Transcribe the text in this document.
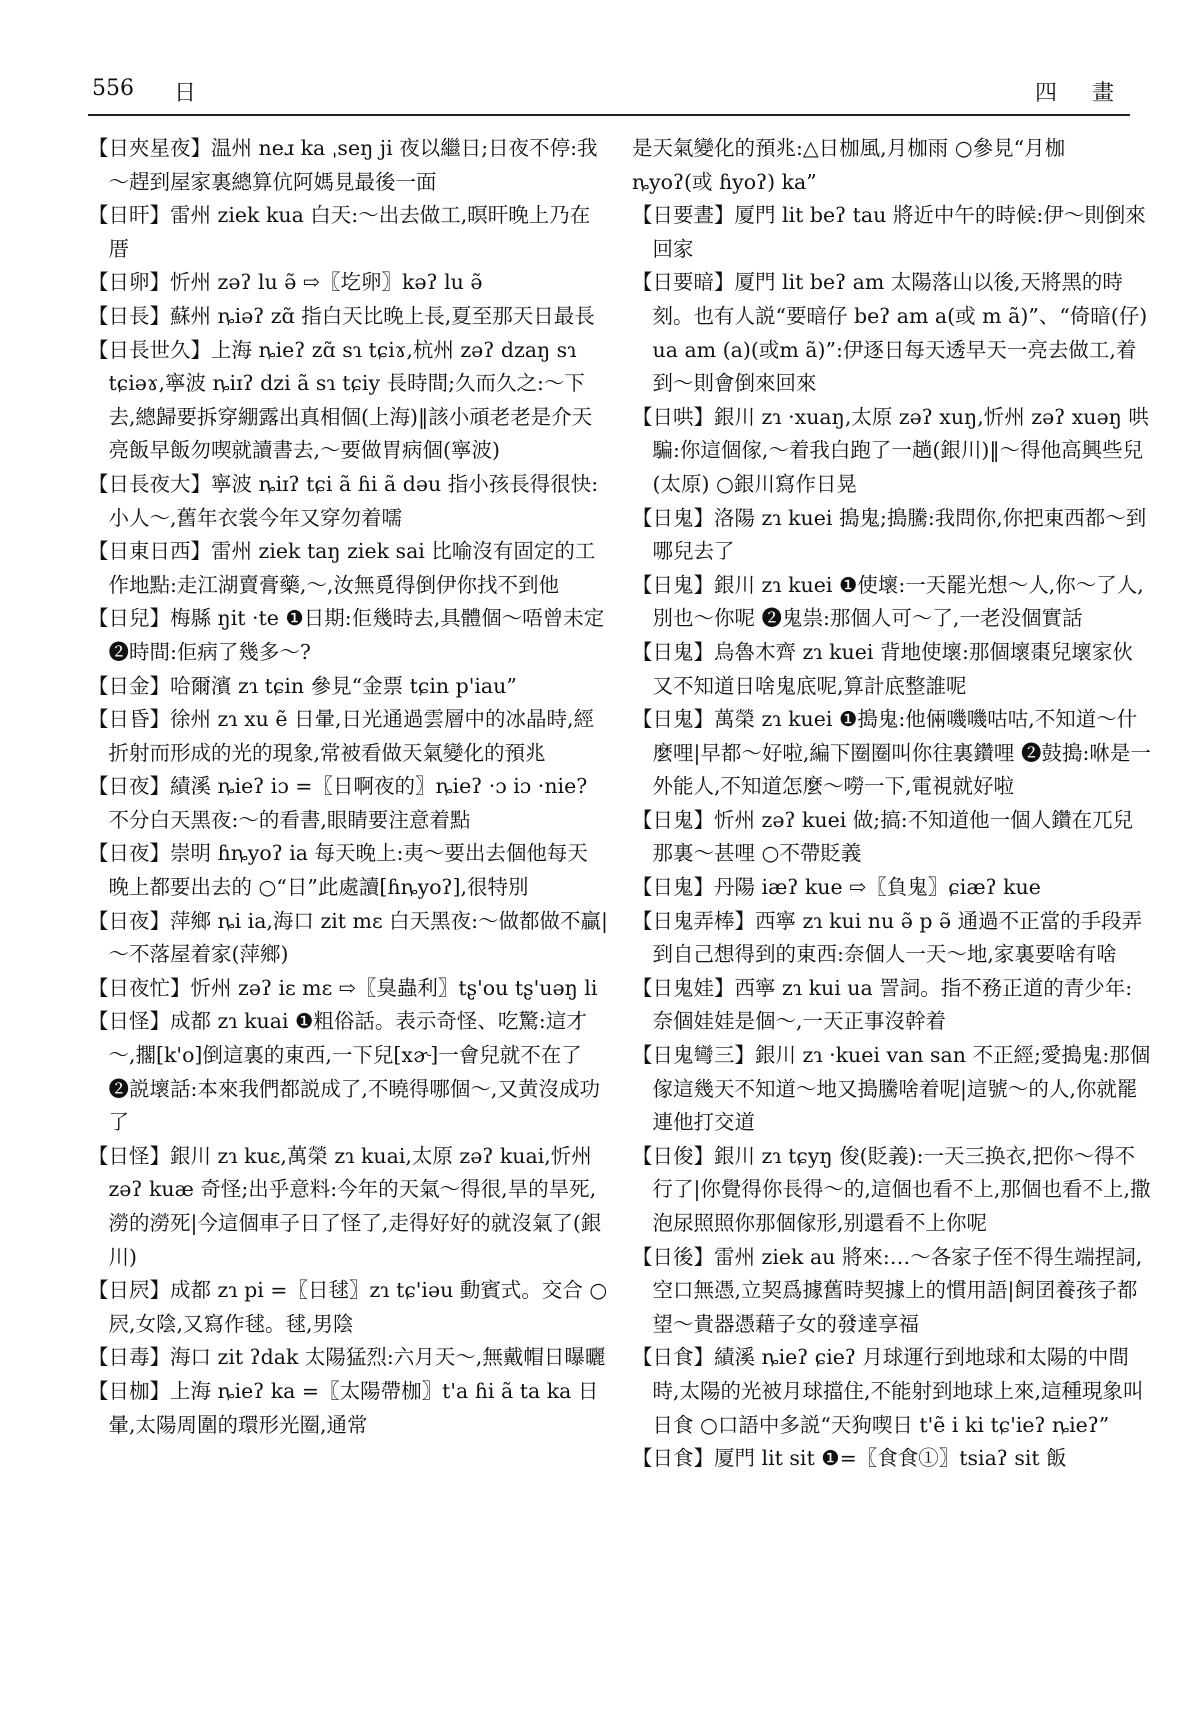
556 日	四 畫

【 日夾星夜 】 温州 neɹ ka ˌseŋ ji 夜以繼日;日夜不停:我～趕到屋家裏總算伉阿媽見最後一面

【 日旰 】 雷州 ziek kua 白天:～出去做工,暝旰晚上乃在厝

【 日卵 】 忻州 zəʔ lu ə̃ ⇨〖圪卵〗kəʔ lu ə̃

【 日長 】 蘇州 ȵiəʔ zɑ̃ 指白天比晚上長,夏至那天日最長

【 日長世久 】 上海 ȵieʔ zɑ̃ sɿ tɕiɤ,杭州 zəʔ dzaŋ sɿ tɕiəɤ,寧波 ȵiɪʔ dzi ã sɿ tɕiy 長時間;久而久之:～下去,總歸要拆穿綳露出真相個(上海)‖該小頑老老是介天亮飯早飯勿喫就讀書去,～要做胃病個(寧波)

【 日長夜大 】 寧波 ȵiɪʔ tɕi ã ɦi ã dəu 指小孩長得很快:小人～,舊年衣裳今年又穿勿着嚅

【 日東日西 】 雷州 ziek taŋ ziek sai 比喻沒有固定的工作地點:走江湖賣膏藥,～,汝無覓得倒伊你找不到他

【 日兒 】 梅縣 ŋit ·te ❶日期:佢幾時去,具體個～唔曾未定 ❷時間:佢病了幾多～?

【 日金 】 哈爾濱 zɿ tɕin 參見“金票 tɕin p'iau”

【 日昏 】 徐州 zɿ xu ẽ 日暈,日光通過雲層中的冰晶時,經折射而形成的光的現象,常被看做天氣變化的預兆

【 日夜 】 績溪 ȵieʔ iɔ =〖日啊夜的〗ȵieʔ ·ɔ iɔ ·nie? 不分白天黑夜:～的看書,眼睛要注意着點

【 日夜 】 崇明 ɦȵyoʔ ia 每天晚上:夷～要出去個他每天晚上都要出去的 ○“日”此處讀[ɦȵyoʔ],很特別

【 日夜 】 萍鄉 ȵi ia,海口 zit mɛ 白天黑夜:～做都做不贏|～不落屋着家(萍鄉)

【 日夜忙 】 忻州 zəʔ iɛ mɛ ⇨〖臭蟲利〗tʂ'ou tʂ'uəŋ li

【 日怪 】 成都 zɿ kuai ❶粗俗話。表示奇怪、吃驚:這才～,擱[k'o]倒這裏的東西,一下兒[xɚ]一會兒就不在了 ❷説壞話:本來我們都説成了,不曉得哪個～,又黄沒成功了

【 日怪 】 銀川 zɿ kuɛ,萬榮 zɿ kuai,太原 zəʔ kuai,忻州 zəʔ kuæ 奇怪;出乎意料:今年的天氣～得很,旱的旱死,澇的澇死|今這個車子日了怪了,走得好好的就沒氣了(銀川)

【 日屄 】 成都 zɿ pi =〖日毬〗zɿ tɕ'iəu 動賓式。交合 ○屄,女陰,又寫作毬。毬,男陰

【 日毒 】 海口 zit ʔdak 太陽猛烈:六月天～,無戴帽日曝曬

【 日枷 】 上海 ȵieʔ ka =〖太陽帶枷〗t'a ɦi ã ta ka 日暈,太陽周圍的環形光圈,通常

是天氣變化的預兆:△日枷風,月枷雨 ○參見“月枷 ȵyoʔ(或 ɦyoʔ) ka”

【 日要晝 】 厦門 lit beʔ tau 將近中午的時候:伊～則倒來回家

【 日要暗 】 厦門 lit beʔ am 太陽落山以後,天將黑的時刻。也有人説“要暗仔 beʔ am a(或 m ã)”、“倚暗(仔) ua am (a)(或m ã)”:伊逐日每天透早天一亮去做工,着到～則會倒來回來

【 日哄 】 銀川 zɿ ·xuaŋ,太原 zəʔ xuŋ,忻州 zəʔ xuəŋ 哄騙:你這個傢,～着我白跑了一趟(銀川)‖～得他高興些兒(太原) ○銀川寫作日晃

【 日鬼 】 洛陽 zɿ kuei 搗鬼;搗騰:我問你,你把東西都～到哪兒去了

【 日鬼 】 銀川 zɿ kuei ❶使壞:一天罷光想～人,你～了人,別也～你呢 ❷鬼祟:那個人可～了,一老没個實話

【 日鬼 】 烏魯木齊 zɿ kuei 背地使壞:那個壞棗兒壞家伙又不知道日啥鬼底呢,算計底整誰呢

【 日鬼 】 萬榮 zɿ kuei ❶搗鬼:他倆嘰嘰咕咕,不知道～什麼哩|早都～好啦,編下圈圈叫你往裏鑽哩 ❷鼓搗:咻是一外能人,不知道怎麼～嘮一下,電視就好啦

【 日鬼 】 忻州 zəʔ kuei 做;搞:不知道他一個人鑽在兀兒那裏～甚哩 ○不帶貶義

【 日鬼 】 丹陽 iæʔ kue ⇨〖負鬼〗ɕiæʔ kue

【 日鬼弄棒 】 西寧 zɿ kui nu ə̃ p ə̃ 通過不正當的手段弄到自己想得到的東西:奈個人一天～地,家裏要啥有啥

【 日鬼娃 】 西寧 zɿ kui ua 詈詞。指不務正道的青少年:奈個娃娃是個～,一天正事沒幹着

【 日鬼彎三 】 銀川 zɿ ·kuei van san 不正經;愛搗鬼:那個傢這幾天不知道～地又搗騰啥着呢|這號～的人,你就罷連他打交道

【 日俊 】 銀川 zɿ tɕyŋ 俊(貶義):一天三换衣,把你～得不行了|你覺得你長得～的,這個也看不上,那個也看不上,撒泡尿照照你那個傢形,别還看不上你呢

【 日後 】 雷州 ziek au 將來:…～各家子侄不得生端捏詞,空口無憑,立契爲據舊時契據上的慣用語|飼囝養孩子都望～貴器憑藉子女的發達享福

【 日食 】 績溪 ȵieʔ ɕieʔ 月球運行到地球和太陽的中間時,太陽的光被月球擋住,不能射到地球上來,這種現象叫日食 ○口語中多説“天狗喫日 t'ẽ i ki tɕ'ieʔ ȵieʔ”

【 日食 】 厦門 lit sit ❶=〖食食①〗tsiaʔ sit 飯
